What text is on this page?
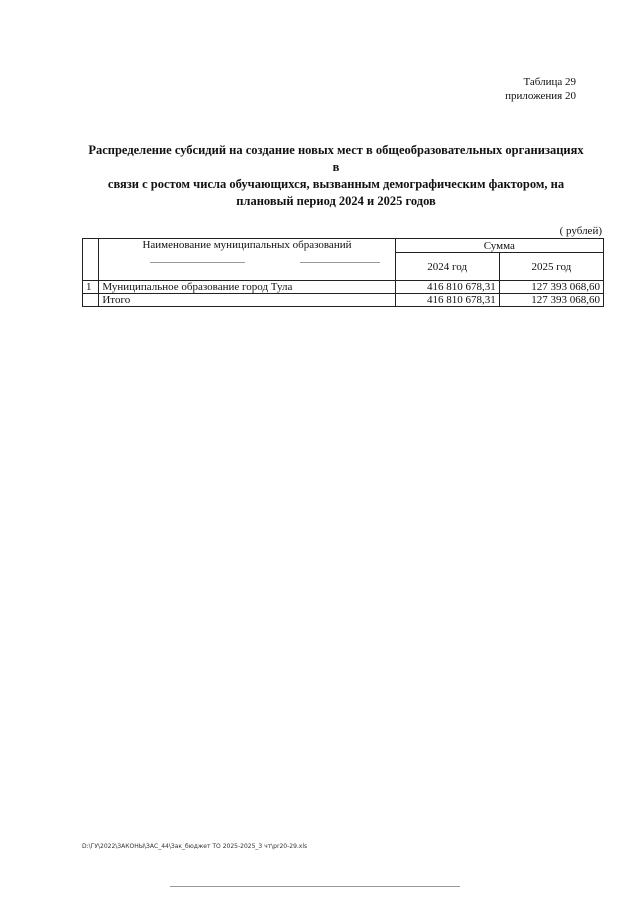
Таблица 29
приложения 20
Распределение субсидий на создание новых мест в общеобразовательных организациях в
связи с ростом числа обучающихся, вызванным демографическим фактором, на
плановый период 2024 и 2025 годов
( рублей)
	Наименование муниципальных образований	Сумма	
		2024 год	2025 год
1	Муниципальное образование город Тула	416 810 678,31	127 393 068,60
	Итого	416 810 678,31	127 393 068,60
D:\ГУ\2022\ЗАКОНЫ\ЗАС_44\Зак_бюджет ТО 2025-2025_3 чт\pr20-29.xls
